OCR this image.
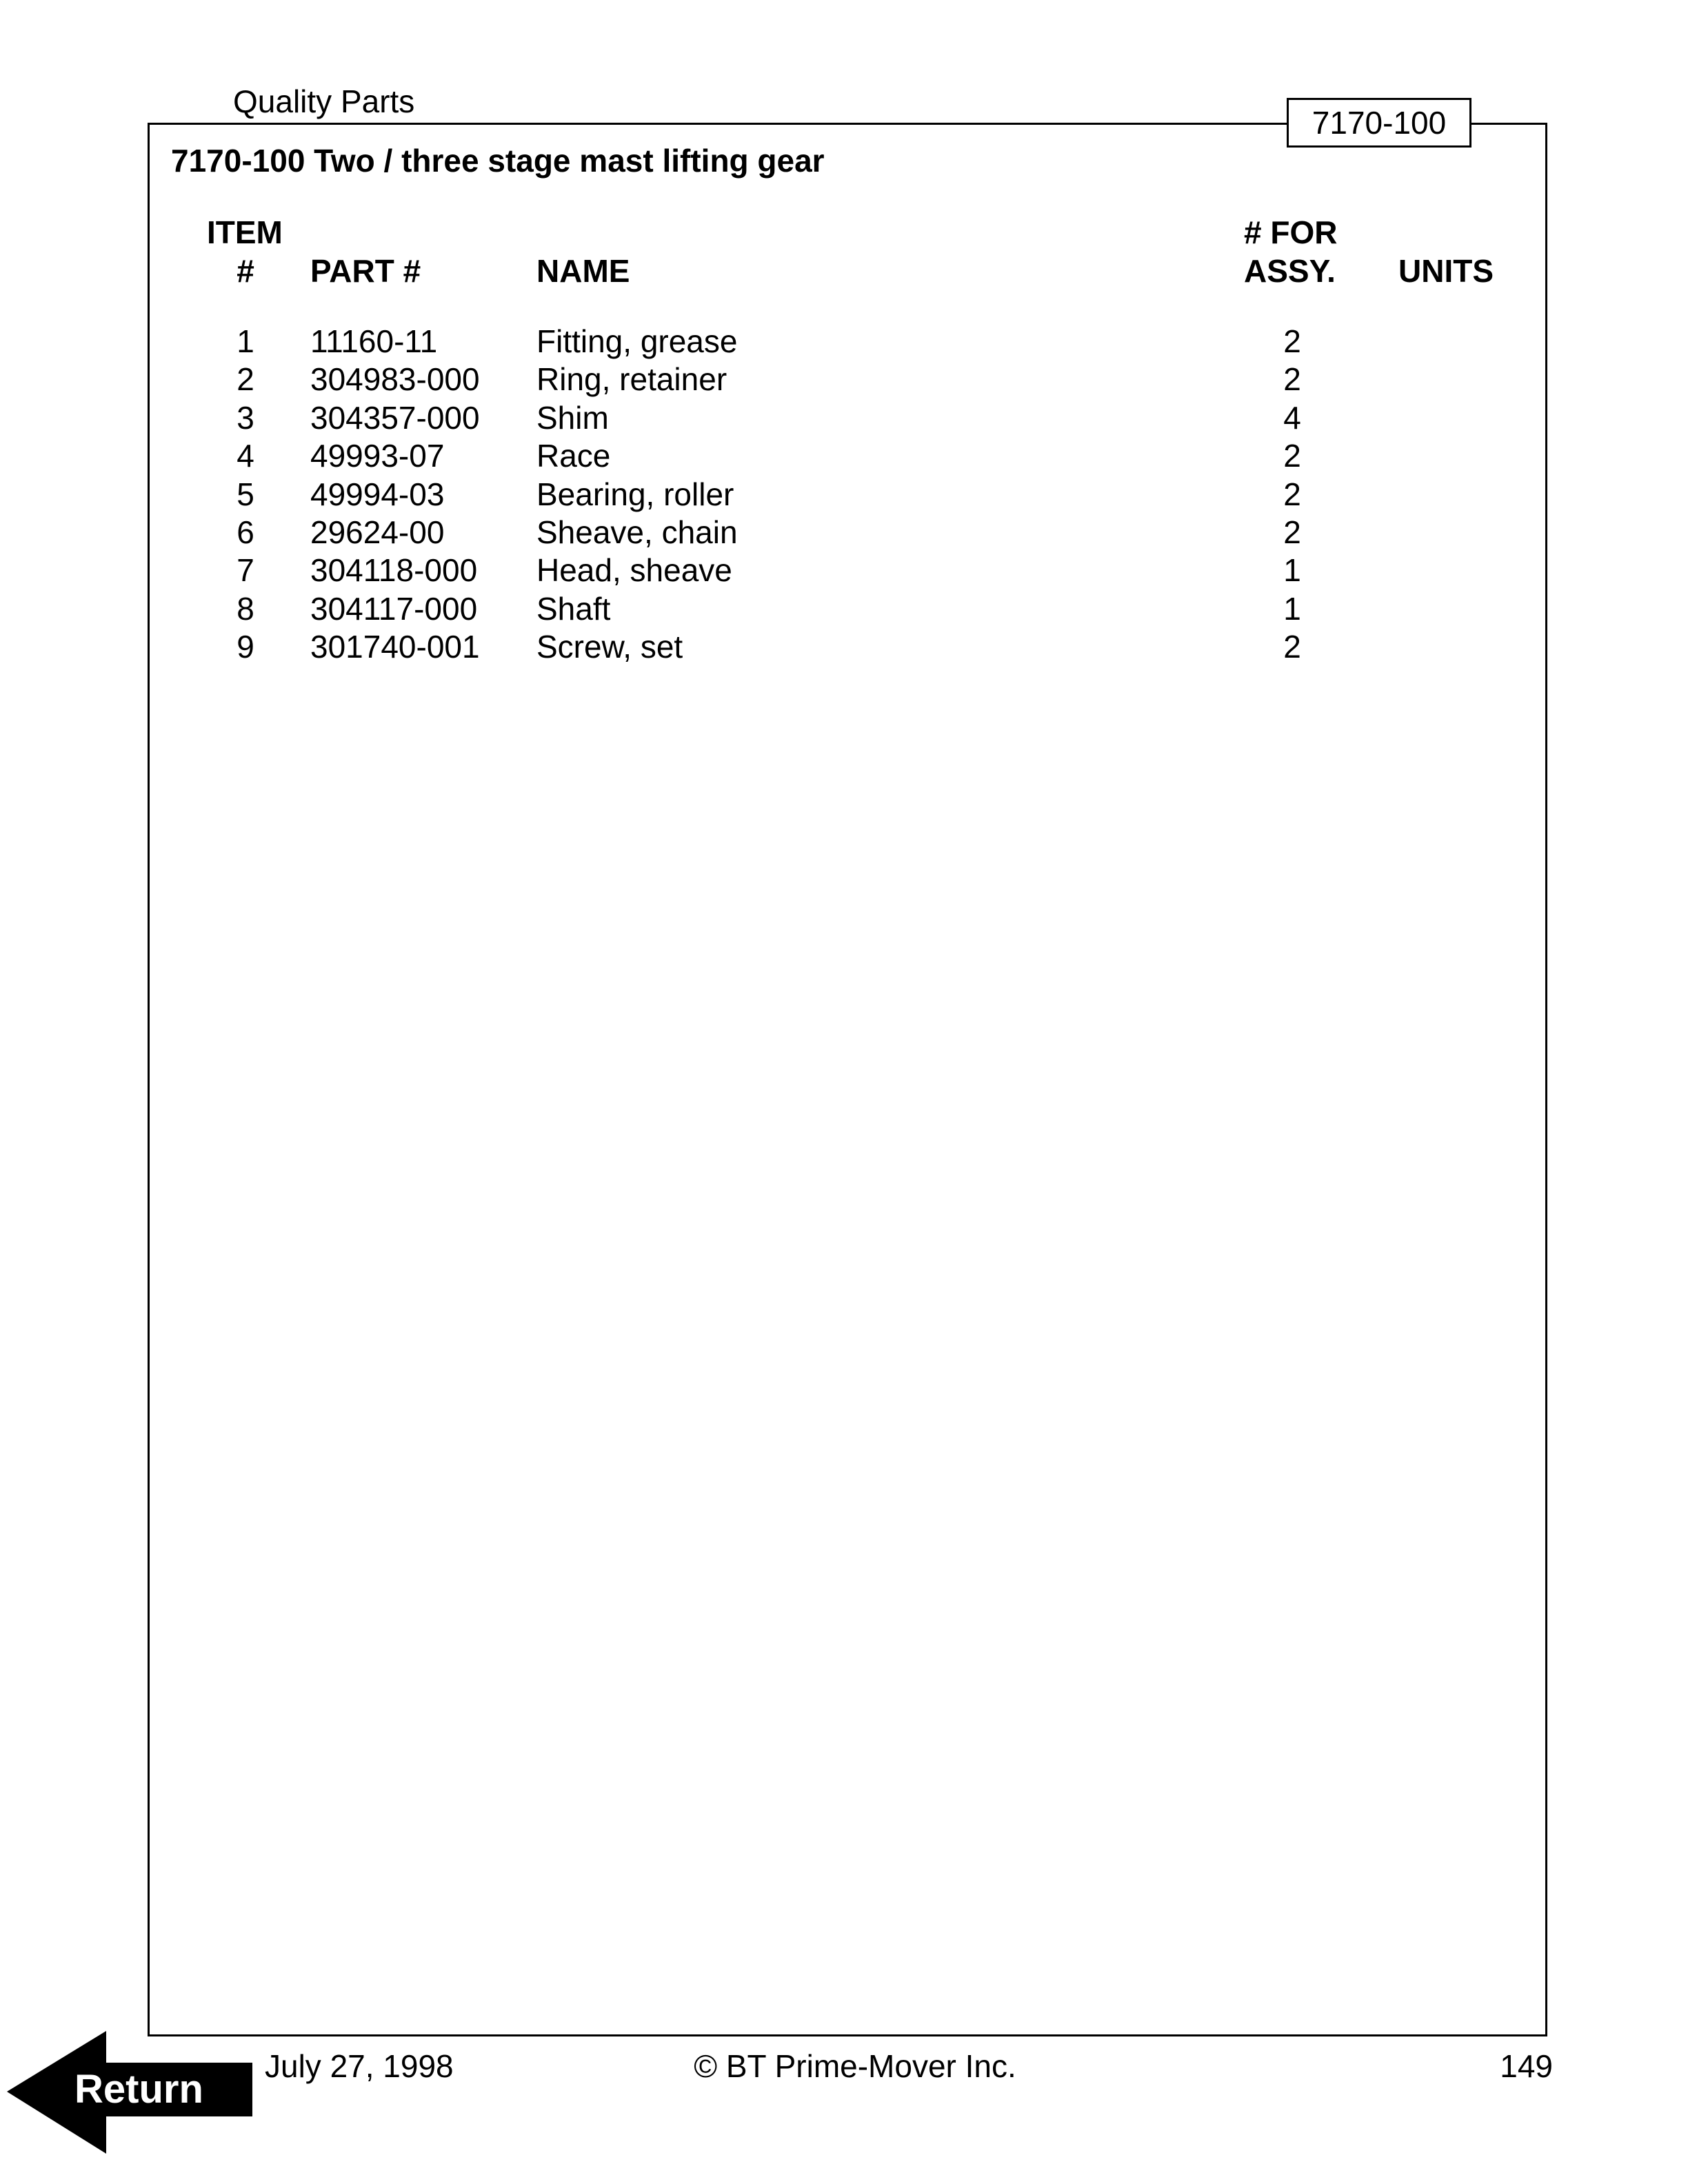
Quality Parts
7170-100
7170-100 Two / three stage mast lifting gear
ITEM
#	PART #	NAME
# FOR
ASSY. UNITS
1	11160-11	Fitting, grease	2
2	304983-000 Ring, retainer	2
3	304357-000 Shim	4
4	49993-07	Race	2
5	49994-03	Bearing, roller	2
6	29624-00	Sheave, chain	2
7	304118-000 Head, sheave	1
8	304117-000 Shaft	1
9	301740-001 Screw, set	2
July 27, 1998	© BT Prime-Mover Inc.	149
Return
